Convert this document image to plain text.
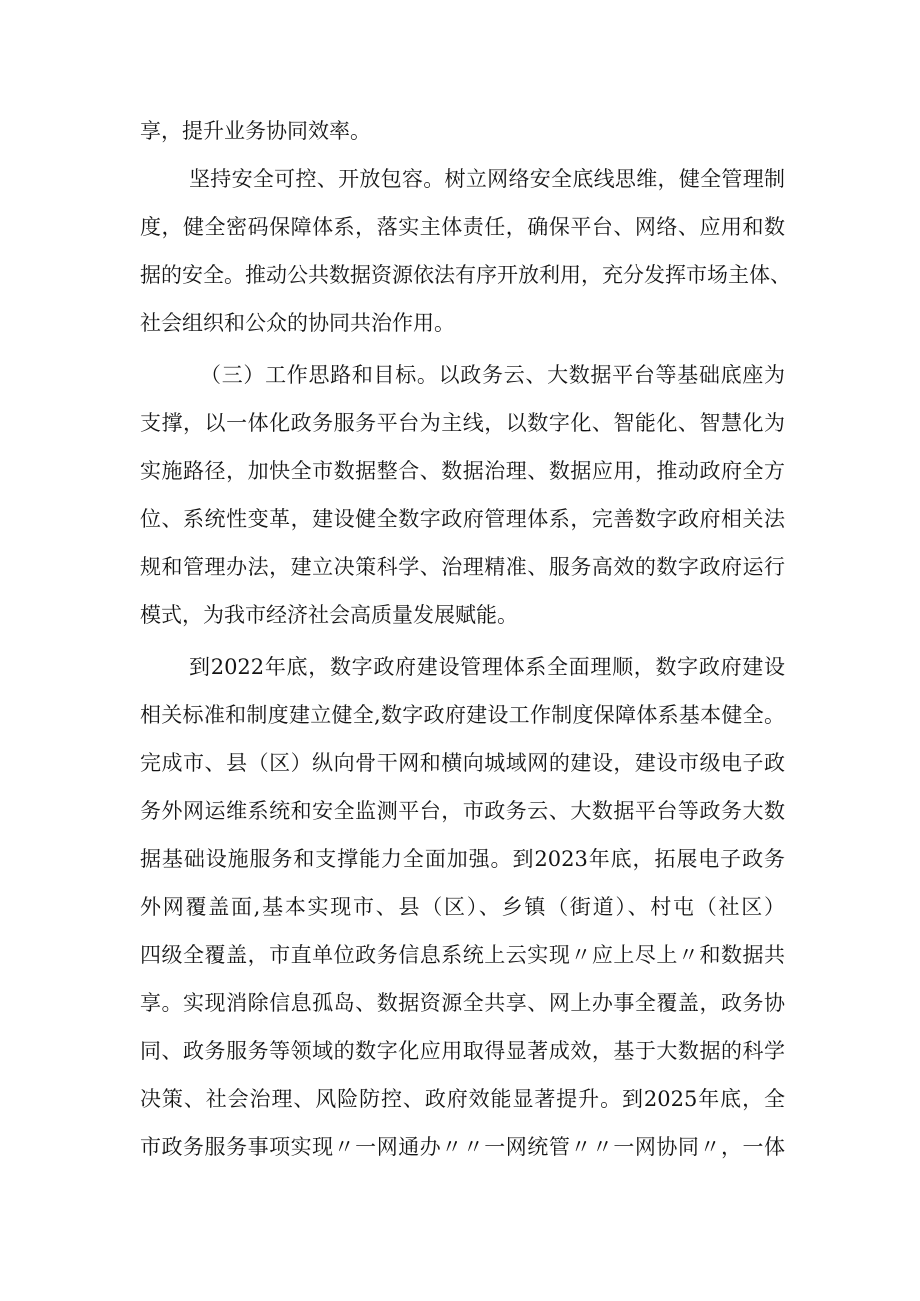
享，提升业务协同效率。
坚持安全可控、开放包容。树立网络安全底线思维，健全管理制
度，健全密码保障体系，落实主体责任，确保平台、网络、应用和数
据的安全。推动公共数据资源依法有序开放利用，充分发挥市场主体、
社会组织和公众的协同共治作用。
（三）工作思路和目标。以政务云、大数据平台等基础底座为
支撑，以一体化政务服务平台为主线，以数字化、智能化、智慧化为
实施路径，加快全市数据整合、数据治理、数据应用，推动政府全方
位、系统性变革，建设健全数字政府管理体系，完善数字政府相关法
规和管理办法，建立决策科学、治理精准、服务高效的数字政府运行
模式，为我市经济社会高质量发展赋能。
到2022年底，数字政府建设管理体系全面理顺，数字政府建设
相关标准和制度建立健全,数字政府建设工作制度保障体系基本健全。
完成市、县（区）纵向骨干网和横向城域网的建设，建设市级电子政
务外网运维系统和安全监测平台，市政务云、大数据平台等政务大数
据基础设施服务和支撑能力全面加强。到2023年底，拓展电子政务
外网覆盖面,基本实现市、县（区）、乡镇（街道）、村屯（社区）
四级全覆盖，市直单位政务信息系统上云实现〃应上尽上〃和数据共
享。实现消除信息孤岛、数据资源全共享、网上办事全覆盖，政务协
同、政务服务等领域的数字化应用取得显著成效，基于大数据的科学
决策、社会治理、风险防控、政府效能显著提升。到2025年底，全
市政务服务事项实现〃一网通办〃〃一网统管〃〃一网协同〃，一体
